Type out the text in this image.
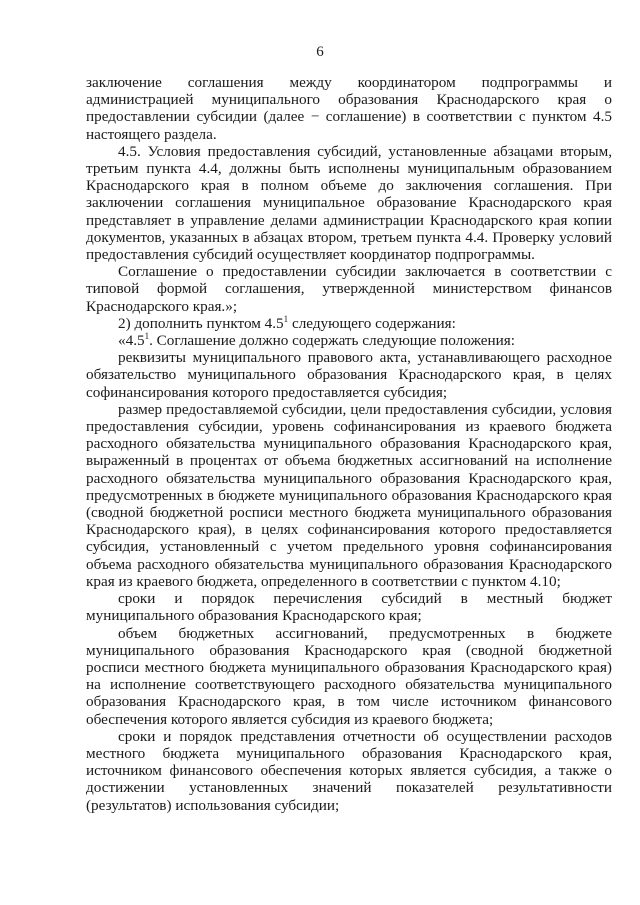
6

заключение соглашения между координатором подпрограммы и администрацией муниципального образования Краснодарского края о предоставлении субсидии (далее − соглашение) в соответствии с пунктом 4.5 настоящего раздела.

4.5. Условия предоставления субсидий, установленные абзацами вторым, третьим пункта 4.4, должны быть исполнены муниципальным образованием Краснодарского края в полном объеме до заключения соглашения. При заключении соглашения муниципальное образование Краснодарского края представляет в управление делами администрации Краснодарского края копии документов, указанных в абзацах втором, третьем пункта 4.4. Проверку условий предоставления субсидий осуществляет координатор подпрограммы.

Соглашение о предоставлении субсидии заключается в соответствии с типовой формой соглашения, утвержденной министерством финансов Краснодарского края.»;

2) дополнить пунктом $4.5^1$ следующего содержания:

«$4.5^1$. Соглашение должно содержать следующие положения:

реквизиты муниципального правового акта, устанавливающего расходное обязательство муниципального образования Краснодарского края, в целях софинансирования которого предоставляется субсидия;

размер предоставляемой субсидии, цели предоставления субсидии, условия предоставления субсидии, уровень софинансирования из краевого бюджета расходного обязательства муниципального образования Краснодарского края, выраженный в процентах от объема бюджетных ассигнований на исполнение расходного обязательства муниципального образования Краснодарского края, предусмотренных в бюджете муниципального образования Краснодарского края (сводной бюджетной росписи местного бюджета муниципального образования Краснодарского края), в целях софинансирования которого предоставляется субсидия, установленный с учетом предельного уровня софинансирования объема расходного обязательства муниципального образования Краснодарского края из краевого бюджета, определенного в соответствии с пунктом 4.10;

сроки и порядок перечисления субсидий в местный бюджет муниципального образования Краснодарского края;

объем бюджетных ассигнований, предусмотренных в бюджете муниципального образования Краснодарского края (сводной бюджетной росписи местного бюджета муниципального образования Краснодарского края) на исполнение соответствующего расходного обязательства муниципального образования Краснодарского края, в том числе источником финансового обеспечения которого является субсидия из краевого бюджета;

сроки и порядок представления отчетности об осуществлении расходов местного бюджета муниципального образования Краснодарского края, источником финансового обеспечения которых является субсидия, а также о достижении установленных значений показателей результативности (результатов) использования субсидии;
